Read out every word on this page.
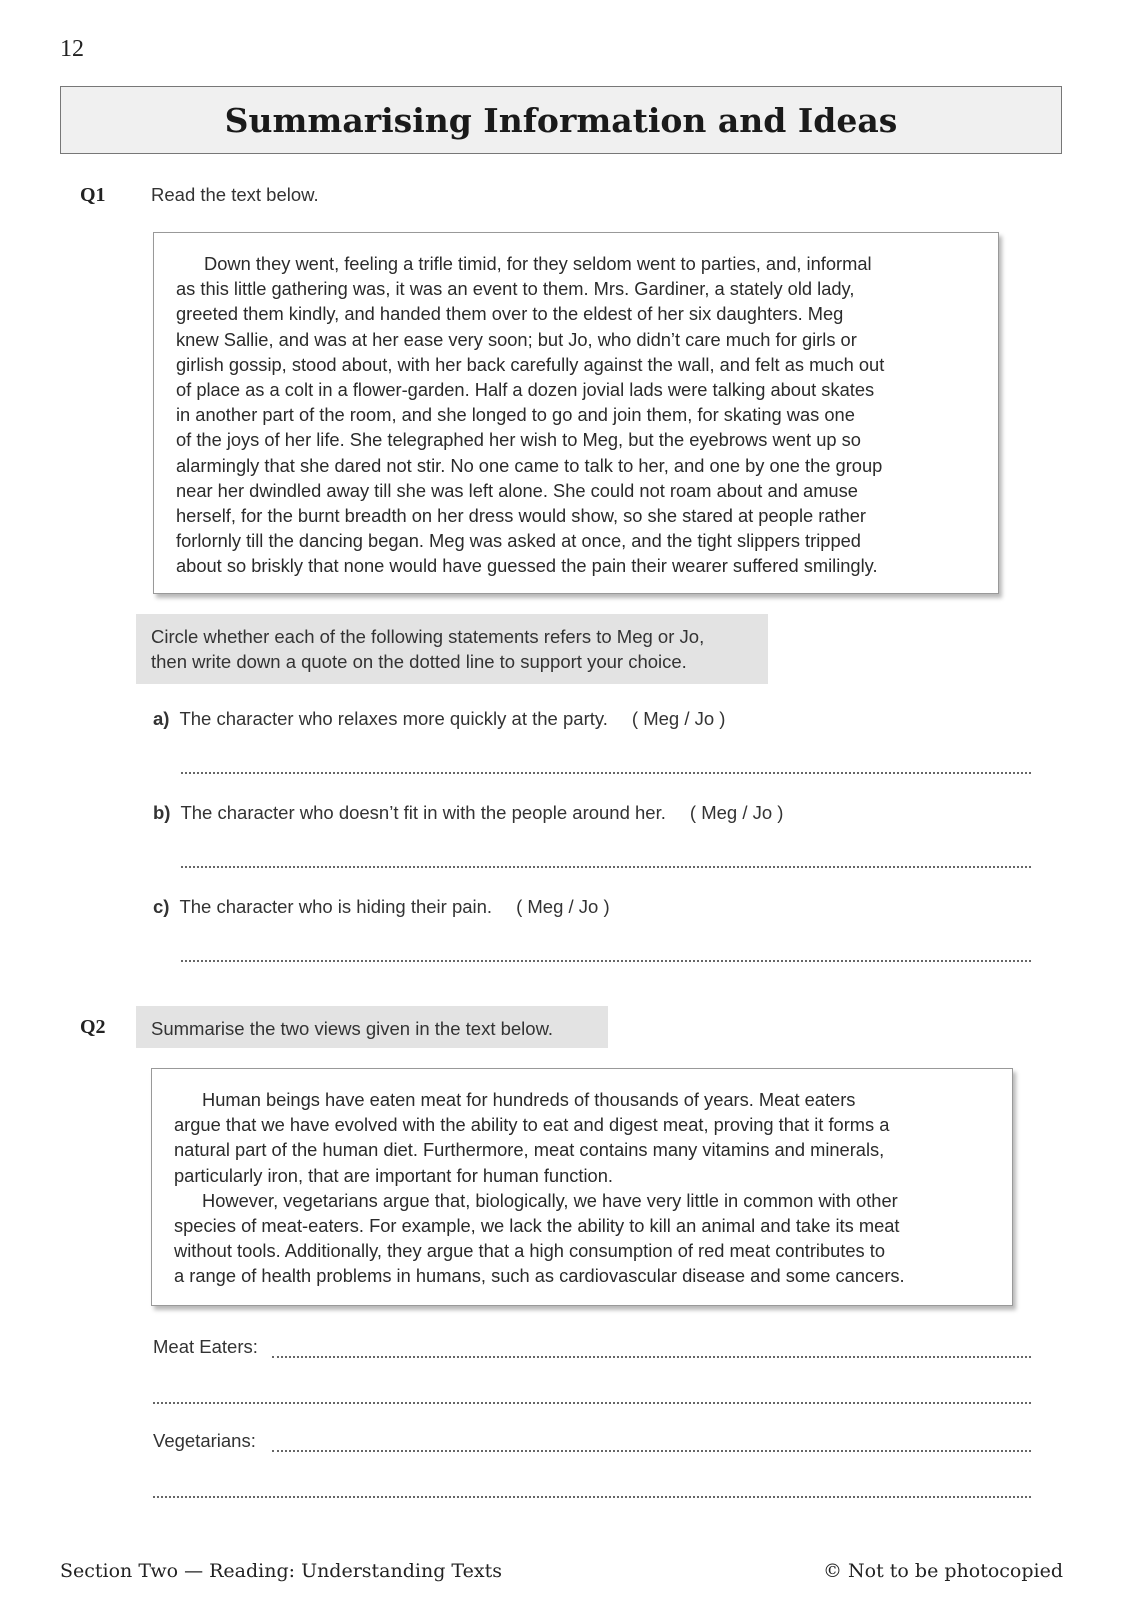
12
Summarising Information and Ideas
Q1 Read the text below.
Down they went, feeling a trifle timid, for they seldom went to parties, and, informal
as this little gathering was, it was an event to them. Mrs. Gardiner, a stately old lady,
greeted them kindly, and handed them over to the eldest of her six daughters. Meg
knew Sallie, and was at her ease very soon; but Jo, who didn’t care much for girls or
girlish gossip, stood about, with her back carefully against the wall, and felt as much out
of place as a colt in a flower-garden. Half a dozen jovial lads were talking about skates
in another part of the room, and she longed to go and join them, for skating was one
of the joys of her life. She telegraphed her wish to Meg, but the eyebrows went up so
alarmingly that she dared not stir. No one came to talk to her, and one by one the group
near her dwindled away till she was left alone. She could not roam about and amuse
herself, for the burnt breadth on her dress would show, so she stared at people rather
forlornly till the dancing began. Meg was asked at once, and the tight slippers tripped
about so briskly that none would have guessed the pain their wearer suffered smilingly.
Circle whether each of the following statements refers to Meg or Jo,
then write down a quote on the dotted line to support your choice.
a) The character who relaxes more quickly at the party. ( Meg / Jo )
b) The character who doesn’t fit in with the people around her. ( Meg / Jo )
c) The character who is hiding their pain. ( Meg / Jo )
Q2 Summarise the two views given in the text below.
Human beings have eaten meat for hundreds of thousands of years. Meat eaters
argue that we have evolved with the ability to eat and digest meat, proving that it forms a
natural part of the human diet. Furthermore, meat contains many vitamins and minerals,
particularly iron, that are important for human function.
However, vegetarians argue that, biologically, we have very little in common with other
species of meat-eaters. For example, we lack the ability to kill an animal and take its meat
without tools. Additionally, they argue that a high consumption of red meat contributes to
a range of health problems in humans, such as cardiovascular disease and some cancers.
Meat Eaters:
Vegetarians:
Section Two — Reading: Understanding Texts	© Not to be photocopied
